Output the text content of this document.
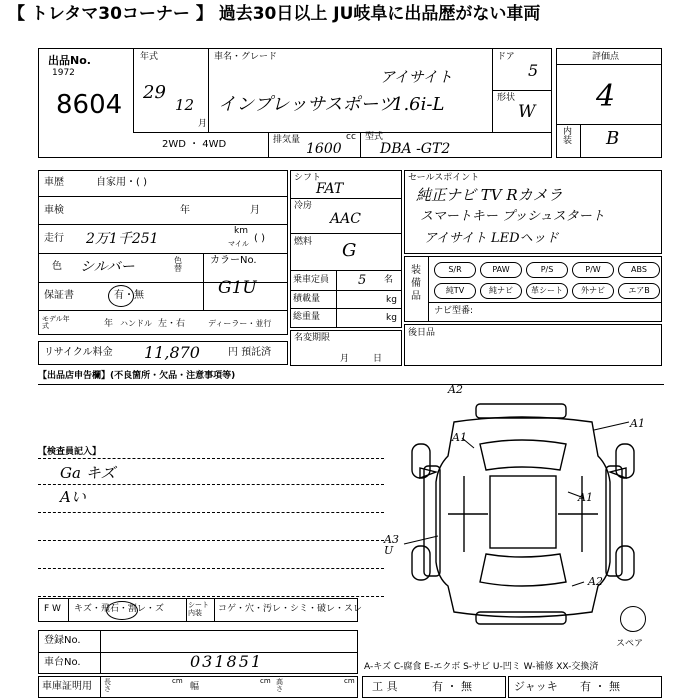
【 トレタマ30コーナー 】 過去30日以上 JU岐阜に出品歴がない車両
出品No.
1972
8604
年式
29
12
月
車名・グレード
アイサイト
インプレッサスポーツ
1.6i-L
ドア
5
形状
W
2WD ・ 4WD	排気量	cc
1600
型式
DBA -GT2
評価点
4
内装 B
車歴	自家用・( )
車検	年	月
走行 2万1千251	km
マイル ( )
色 シルバー	色替
カラーNo.
G1U
保証書	有・無
モデル年式	年 ハンドル 左・右	ディーラー・並行
リサイクル料金 11,870	円 預託済
シフト
FAT
冷房
AAC
燃料 G
乗車定員 5 名
積載量	kg
総重量	kg
名変期限
月日
セールスポイント
純正ナビ TV Rカメラ
スマートキー プッシュスタート
アイサイト LEDヘッド
装備品
S/R	PAW	P/S	P/W	ABS
純TV	純ナビ	革シート	外ナビ	エアB
ナビ型番:
後日品
【出品店申告欄】(不良箇所・欠品・注意事項等)
【検査員記入】
Ga キズ
Aい
A2
A1
A1
A1
A3 U
A2
スペア
F W キズ・飛石・割レ・ズ	シート内装	コゲ・穴・汚レ・シミ・破レ・スレ
登録No.
車台No.	031851
車庫証明用 長さ
cm
幅
cm 高さ
cm
A-キズ C-腐食 E-エクボ S-サビ U-凹ミ W-補修 XX-交換済
工 具	有 ・ 無	ジャッキ 有 ・ 無
